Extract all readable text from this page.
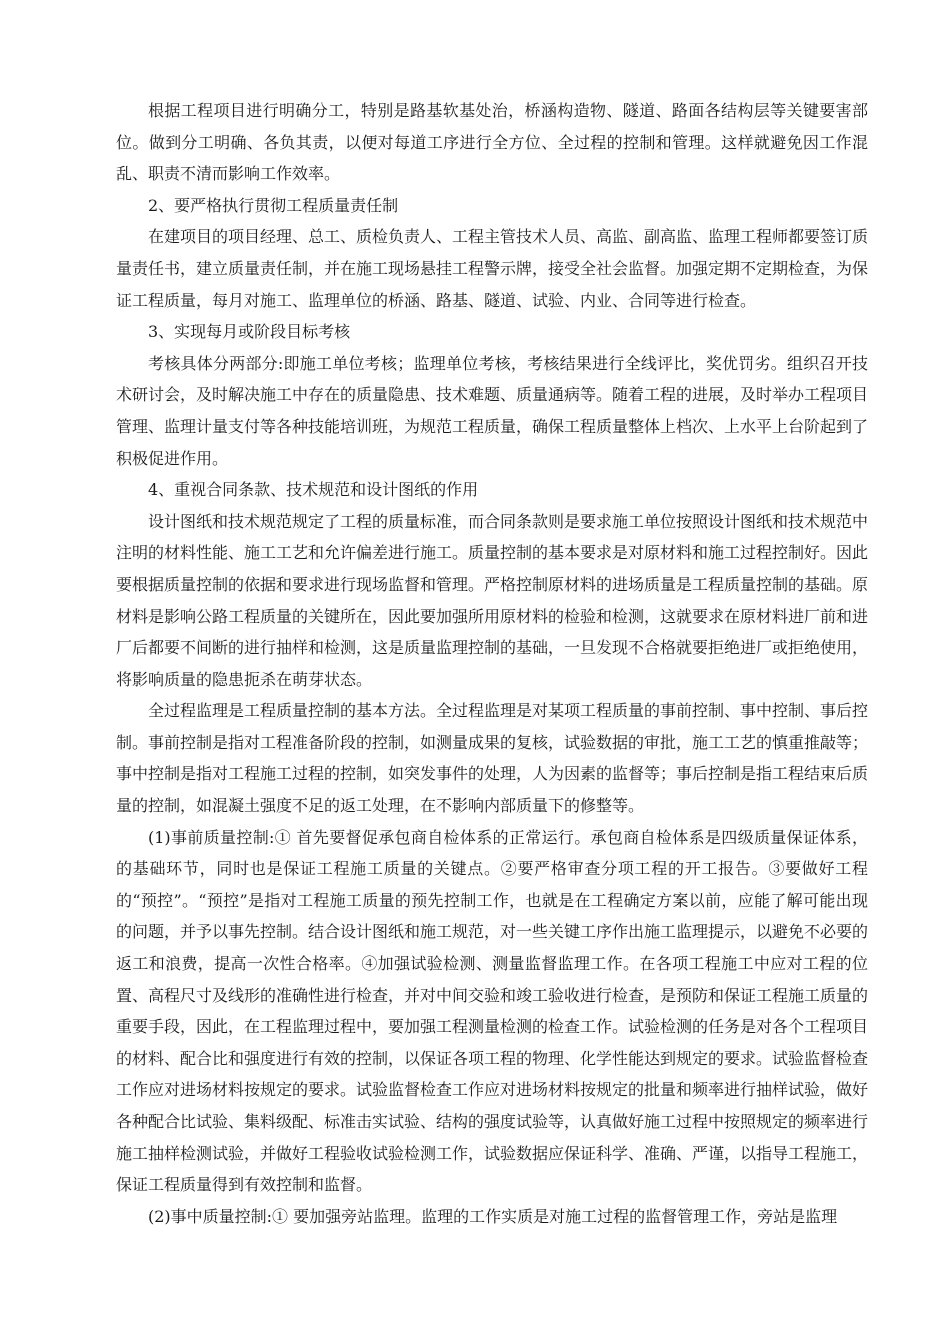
根据工程项目进行明确分工，特别是路基软基处治，桥涵构造物、隧道、路面各结构层等关键要害部位。做到分工明确、各负其责，以便对每道工序进行全方位、全过程的控制和管理。这样就避免因工作混乱、职责不清而影响工作效率。

2、要严格执行贯彻工程质量责任制

在建项目的项目经理、总工、质检负责人、工程主管技术人员、高监、副高监、监理工程师都要签订质量责任书，建立质量责任制，并在施工现场悬挂工程警示牌，接受全社会监督。加强定期不定期检查，为保证工程质量，每月对施工、监理单位的桥涵、路基、隧道、试验、内业、合同等进行检查。

3、实现每月或阶段目标考核

考核具体分两部分:即施工单位考核；监理单位考核，考核结果进行全线评比，奖优罚劣。组织召开技术研讨会，及时解决施工中存在的质量隐患、技术难题、质量通病等。随着工程的进展，及时举办工程项目管理、监理计量支付等各种技能培训班，为规范工程质量，确保工程质量整体上档次、上水平上台阶起到了积极促进作用。

4、重视合同条款、技术规范和设计图纸的作用

设计图纸和技术规范规定了工程的质量标准，而合同条款则是要求施工单位按照设计图纸和技术规范中注明的材料性能、施工工艺和允许偏差进行施工。质量控制的基本要求是对原材料和施工过程控制好。因此要根据质量控制的依据和要求进行现场监督和管理。严格控制原材料的进场质量是工程质量控制的基础。原材料是影响公路工程质量的关键所在，因此要加强所用原材料的检验和检测，这就要求在原材料进厂前和进厂后都要不间断的进行抽样和检测，这是质量监理控制的基础，一旦发现不合格就要拒绝进厂或拒绝使用，将影响质量的隐患扼杀在萌芽状态。

全过程监理是工程质量控制的基本方法。全过程监理是对某项工程质量的事前控制、事中控制、事后控制。事前控制是指对工程准备阶段的控制，如测量成果的复核，试验数据的审批，施工工艺的慎重推敲等；事中控制是指对工程施工过程的控制，如突发事件的处理，人为因素的监督等；事后控制是指工程结束后质量的控制，如混凝土强度不足的返工处理，在不影响内部质量下的修整等。

(1)事前质量控制:① 首先要督促承包商自检体系的正常运行。承包商自检体系是四级质量保证体系，的基础环节，同时也是保证工程施工质量的关键点。②要严格审查分项工程的开工报告。③要做好工程的“预控”。“预控”是指对工程施工质量的预先控制工作，也就是在工程确定方案以前，应能了解可能出现的问题，并予以事先控制。结合设计图纸和施工规范，对一些关键工序作出施工监理提示，以避免不必要的返工和浪费，提高一次性合格率。④加强试验检测、测量监督监理工作。在各项工程施工中应对工程的位置、高程尺寸及线形的准确性进行检查，并对中间交验和竣工验收进行检查，是预防和保证工程施工质量的重要手段，因此，在工程监理过程中，要加强工程测量检测的检查工作。试验检测的任务是对各个工程项目的材料、配合比和强度进行有效的控制，以保证各项工程的物理、化学性能达到规定的要求。试验监督检查工作应对进场材料按规定的要求。试验监督检查工作应对进场材料按规定的批量和频率进行抽样试验，做好各种配合比试验、集料级配、标准击实试验、结构的强度试验等，认真做好施工过程中按照规定的频率进行施工抽样检测试验，并做好工程验收试验检测工作，试验数据应保证科学、准确、严谨，以指导工程施工，保证工程质量得到有效控制和监督。

(2)事中质量控制:① 要加强旁站监理。监理的工作实质是对施工过程的监督管理工作，旁站是监理
